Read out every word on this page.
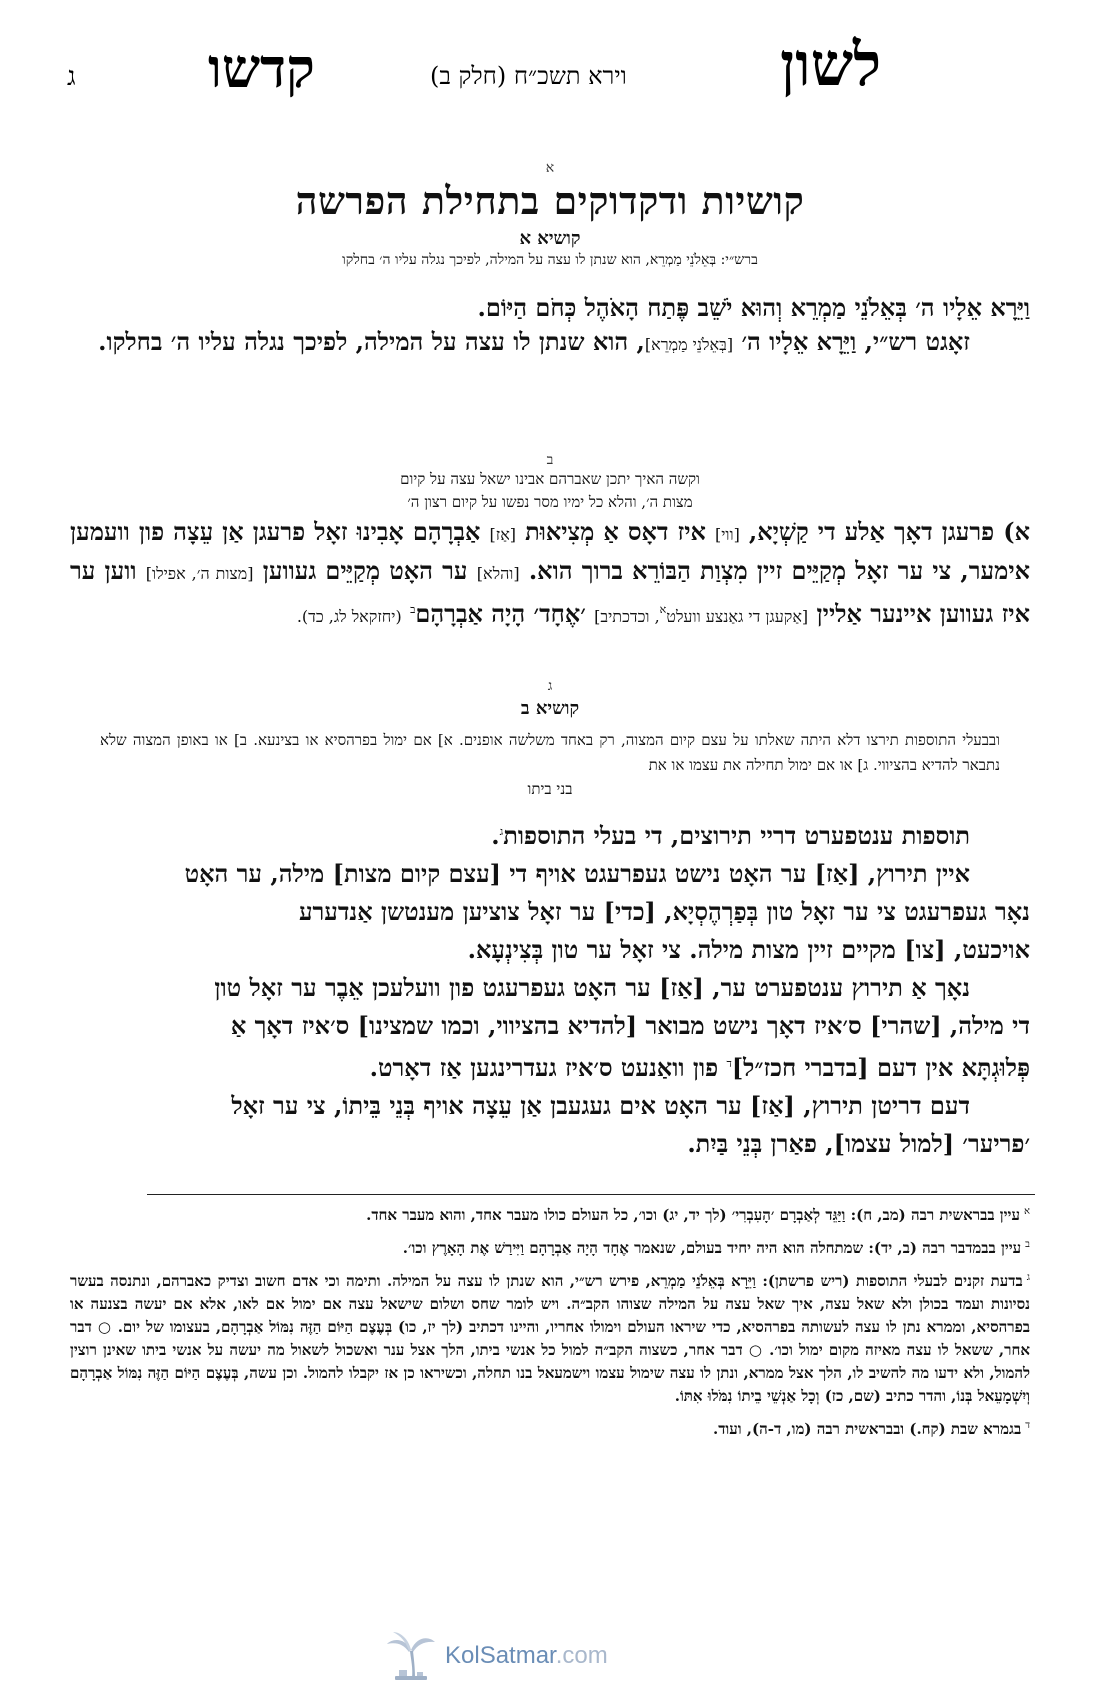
לשון
וירא תשכ״ח (חלק ב)
קדשו
ג
א
קושיות ודקדוקים בתחילת הפרשה
קושיא א
ברש״י: בְּאֵלֹנֵי מַמְרֵא, הוא שנתן לו עצה על המילה, לפיכך נגלה עליו ה׳ בחלקו
וַיֵּרָא אֵלָיו ה׳ בְּאֵלֹנֵי מַמְרֵא וְהוּא יֹשֵׁב פֶּתַח הָאֹהֶל כְּחֹם הַיּוֹם.
זאָגט רש״י, וַיֵּרָא אֵלָיו ה׳ [בְּאֵלֹנֵי מַמְרֵא], הוא שנתן לו עצה על המילה, לפיכך נגלה עליו ה׳ בחלקו.
ב
וקשה האיך יתכן שאברהם אבינו ישאל עצה על קיום
מצות ה׳, והלא כל ימיו מסר נפשו על קיום רצון ה׳
א) פרעגן דאָך אַלע די קַשְׁיָא, [ווי] איז דאָס אַ מְצִיאוּת [אַז] אַבְרָהָם אָבִינוּ זאָל פרעגן אַן עֵצָה פון וועמען אימער, צי ער זאָל מְקַיֵּים זיין מִצְוַת הַבּוֹרֵא ברוך הוא. [והלא] ער האָט מְקַיֵּים געווען [מצות ה׳, אפילו] ווען ער איז געווען איינער אַליין [אַקעגן די גאַנצע וועלט$^א$, וכדכתיב] ׳אֶחָד׳ הָיָה אַבְרָהָם$^ב$ (יחזקאל לג, כד).
ג
קושיא ב
ובבעלי התוספות תירצו דלא היתה שאלתו על עצם קיום המצוה, רק באחד משלשה אופנים. א] אם ימול בפרהסיא או בצינעא. ב] או באופן המצוה שלא נתבאר להדיא בהציווי. ג] או אם ימול תחילה את עצמו או את
בני ביתו
תוספות ענטפערט דריי תירוצים, די בעלי התוספות$^ג$.
איין תירוץ, [אַז] ער האָט נישט געפרעגט אויף די [עצם קיום מצות] מילה, ער האָט
נאָר געפרעגט צי ער זאָל טון בְּפַרְהֶסְיָא, [כדי] ער זאָל צוציען מענטשן אַנדערע
אויכעט, [צו] מקיים זיין מצות מילה. צי זאָל ער טון בְּצִינְעָא.
נאָך אַ תירוץ ענטפערט ער, [אַז] ער האָט געפרעגט פון וועלעכן אֵבֶר ער זאָל טון
די מילה, [שהרי] ס׳איז דאָך נישט מבואר [להדיא בהציווי, וכמו שמצינו] ס׳איז דאָך אַ
פְּלוּגְתָּא אין דעם [בדברי חכז״ל]$^ד$ פון וואַנעט ס׳איז געדרינגען אַז דאָרט.
דעם דריטן תירוץ, [אַז] ער האָט אים געגעבן אַן עֵצָה אויף בְּנֵי בֵּיתוֹ, צי ער זאָל
׳פריער׳ [למול עצמו], פאַרן בְּנֵי בַּיִת.

$^א$עיין בבראשית רבה (מב, ח): וַיַּגֵּד לְאַבְרָם ׳הָעִבְרִי׳ (לך יד, יג) וכו׳, כל העולם כולו מעבר אחד, והוא מעבר אחד.

$^ב$עיין בבמדבר רבה (ב, יד): שמתחלה הוא היה יחיד בעולם, שנאמר אֶחָד הָיָה אַבְרָהָם וַיִּירַשׁ אֶת הָאָרֶץ וכו׳.

$^ג$בדעת זקנים לבעלי התוספות (ריש פרשתן): וַיֵּרָא בְּאֵלֹנֵי מַמְרֵא, פירש רש״י, הוא שנתן לו עצה על המילה. ותימה וכי אדם חשוב וצדיק כאברהם, ונתנסה בעשר נסיונות ועמד בכולן ולא שאל עצה, איך שאל עצה על המילה שצוהו הקב״ה. ויש לומר שחס ושלום שישאל עצה אם ימול אם לאו, אלא אם יעשה בצנעה או בפרהסיא, וממרא נתן לו עצה לעשותה בפרהסיא, כדי שיראו העולם וימולו אחריו, והיינו דכתיב (לך יז, כו) בְּעֶצֶם הַיּוֹם הַזֶּה נִמּוֹל אַבְרָהָם, בעצומו של יום. ○ דבר אחר, ששאל לו עצה מאיזה מקום ימול וכו׳. ○ דבר אחר, כשצוה הקב״ה למול כל אנשי ביתו, הלך אצל ענר ואשכול לשאול מה יעשה על אנשי ביתו שאינן רוצין להמול, ולא ידעו מה להשיב לו, הלך אצל ממרא, ונתן לו עצה שימול עצמו וישמעאל בנו תחלה, וכשיראו כן אז יקבלו להמול. וכן עשה, בְּעֶצֶם הַיּוֹם הַזֶּה נִמּוֹל אַבְרָהָם וְיִשְׁמָעֵאל בְּנוֹ, והדר כתיב (שם, כז) וְכָל אַנְשֵׁי בֵיתוֹ נִמֹּלוּ אִתּוֹ.

$^ד$בגמרא שבת (קח.) ובבראשית רבה (מו, ד-ה), ועוד.

KolSatmar.com
